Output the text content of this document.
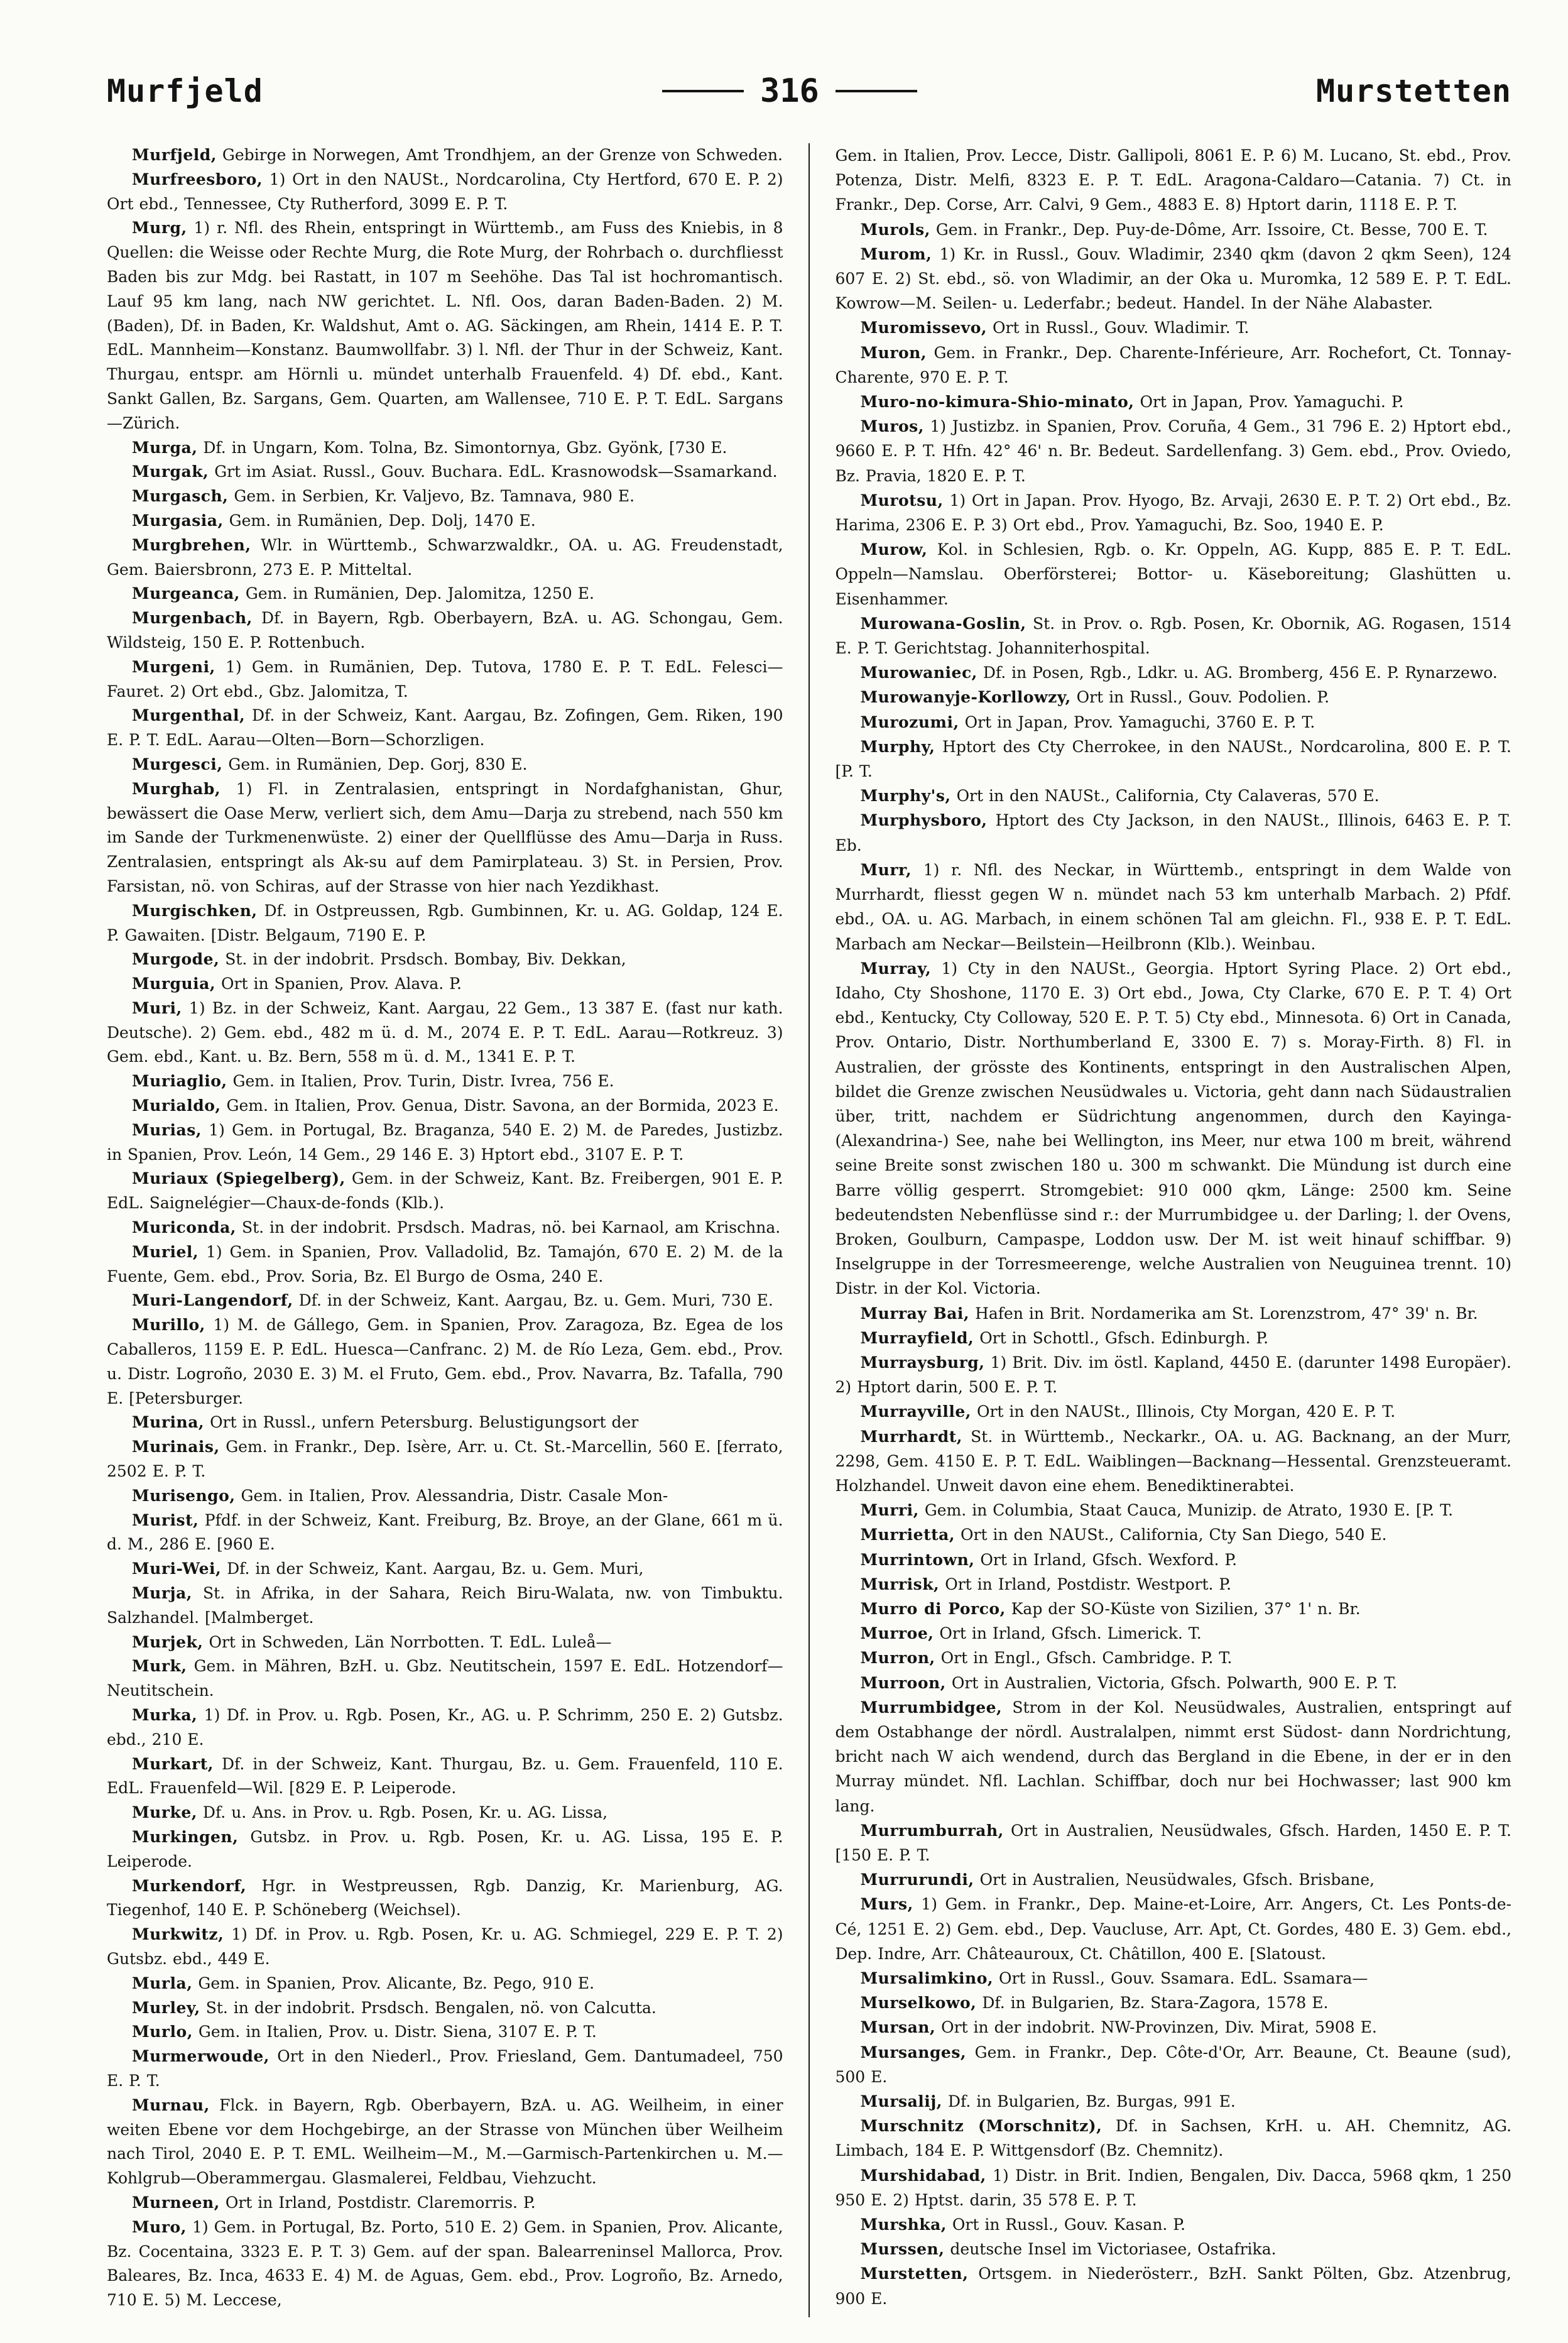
Murfjeld	316	Murstetten

Murfjeld, Gebirge in Norwegen, Amt Trondhjem, an der Grenze von Schweden.

Murfreesboro, 1) Ort in den NAUSt., Nordcarolina, Cty Hertford, 670 E. P. 2) Ort ebd., Tennessee, Cty Rutherford, 3099 E. P. T.

Murg, 1) r. Nfl. des Rhein, entspringt in Württemb., am Fuss des Kniebis, in 8 Quellen: die Weisse oder Rechte Murg, die Rote Murg, der Rohrbach o. durchfliesst Baden bis zur Mdg. bei Rastatt, in 107 m Seehöhe. Das Tal ist hochromantisch. Lauf 95 km lang, nach NW gerichtet. L. Nfl. Oos, daran Baden-Baden. 2) M. (Baden), Df. in Baden, Kr. Waldshut, Amt o. AG. Säckingen, am Rhein, 1414 E. P. T. EdL. Mannheim—Konstanz. Baumwollfabr. 3) l. Nfl. der Thur in der Schweiz, Kant. Thurgau, entspr. am Hörnli u. mündet unterhalb Frauenfeld. 4) Df. ebd., Kant. Sankt Gallen, Bz. Sargans, Gem. Quarten, am Wallensee, 710 E. P. T. EdL. Sargans—Zürich.

Murga, Df. in Ungarn, Kom. Tolna, Bz. Simontornya, Gbz. Gyönk, [730 E.

Murgak, Grt im Asiat. Russl., Gouv. Buchara. EdL. Krasnowodsk—Ssamarkand.

Murgasch, Gem. in Serbien, Kr. Valjevo, Bz. Tamnava, 980 E.

Murgasia, Gem. in Rumänien, Dep. Dolj, 1470 E.

Murgbrehen, Wlr. in Württemb., Schwarzwaldkr., OA. u. AG. Freudenstadt, Gem. Baiersbronn, 273 E. P. Mitteltal.

Murgeanca, Gem. in Rumänien, Dep. Jalomitza, 1250 E.

Murgenbach, Df. in Bayern, Rgb. Oberbayern, BzA. u. AG. Schongau, Gem. Wildsteig, 150 E. P. Rottenbuch.

Murgeni, 1) Gem. in Rumänien, Dep. Tutova, 1780 E. P. T. EdL. Felesci—Fauret. 2) Ort ebd., Gbz. Jalomitza, T.

Murgenthal, Df. in der Schweiz, Kant. Aargau, Bz. Zofingen, Gem. Riken, 190 E. P. T. EdL. Aarau—Olten—Born—Schorzligen.

Murgesci, Gem. in Rumänien, Dep. Gorj, 830 E.

Murghab, 1) Fl. in Zentralasien, entspringt in Nordafghanistan, Ghur, bewässert die Oase Merw, verliert sich, dem Amu—Darja zu strebend, nach 550 km im Sande der Turkmenenwüste. 2) einer der Quellflüsse des Amu—Darja in Russ. Zentralasien, entspringt als Ak-su auf dem Pamirplateau. 3) St. in Persien, Prov. Farsistan, nö. von Schiras, auf der Strasse von hier nach Yezdikhast.

Murgischken, Df. in Ostpreussen, Rgb. Gumbinnen, Kr. u. AG. Goldap, 124 E. P. Gawaiten. [Distr. Belgaum, 7190 E. P.

Murgode, St. in der indobrit. Prsdsch. Bombay, Biv. Dekkan,

Murguia, Ort in Spanien, Prov. Alava. P.

Muri, 1) Bz. in der Schweiz, Kant. Aargau, 22 Gem., 13 387 E. (fast nur kath. Deutsche). 2) Gem. ebd., 482 m ü. d. M., 2074 E. P. T. EdL. Aarau—Rotkreuz. 3) Gem. ebd., Kant. u. Bz. Bern, 558 m ü. d. M., 1341 E. P. T.

Muriaglio, Gem. in Italien, Prov. Turin, Distr. Ivrea, 756 E.

Murialdo, Gem. in Italien, Prov. Genua, Distr. Savona, an der Bormida, 2023 E.

Murias, 1) Gem. in Portugal, Bz. Braganza, 540 E. 2) M. de Paredes, Justizbz. in Spanien, Prov. León, 14 Gem., 29 146 E. 3) Hptort ebd., 3107 E. P. T.

Muriaux (Spiegelberg), Gem. in der Schweiz, Kant. Bz. Freibergen, 901 E. P. EdL. Saignelégier—Chaux-de-fonds (Klb.).

Muriconda, St. in der indobrit. Prsdsch. Madras, nö. bei Karnaol, am Krischna.

Muriel, 1) Gem. in Spanien, Prov. Valladolid, Bz. Tamajón, 670 E. 2) M. de la Fuente, Gem. ebd., Prov. Soria, Bz. El Burgo de Osma, 240 E.

Muri-Langendorf, Df. in der Schweiz, Kant. Aargau, Bz. u. Gem. Muri, 730 E.

Murillo, 1) M. de Gállego, Gem. in Spanien, Prov. Zaragoza, Bz. Egea de los Caballeros, 1159 E. P. EdL. Huesca—Canfranc. 2) M. de Río Leza, Gem. ebd., Prov. u. Distr. Logroño, 2030 E. 3) M. el Fruto, Gem. ebd., Prov. Navarra, Bz. Tafalla, 790 E. [Petersburger.

Murina, Ort in Russl., unfern Petersburg. Belustigungsort der

Murinais, Gem. in Frankr., Dep. Isère, Arr. u. Ct. St.-Marcellin, 560 E. [ferrato, 2502 E. P. T.

Murisengo, Gem. in Italien, Prov. Alessandria, Distr. Casale Mon-

Murist, Pfdf. in der Schweiz, Kant. Freiburg, Bz. Broye, an der Glane, 661 m ü. d. M., 286 E. [960 E.

Muri-Wei, Df. in der Schweiz, Kant. Aargau, Bz. u. Gem. Muri,

Murja, St. in Afrika, in der Sahara, Reich Biru-Walata, nw. von Timbuktu. Salzhandel. [Malmberget.

Murjek, Ort in Schweden, Län Norrbotten. T. EdL. Luleå—

Murk, Gem. in Mähren, BzH. u. Gbz. Neutitschein, 1597 E. EdL. Hotzendorf—Neutitschein.

Murka, 1) Df. in Prov. u. Rgb. Posen, Kr., AG. u. P. Schrimm, 250 E. 2) Gutsbz. ebd., 210 E.

Murkart, Df. in der Schweiz, Kant. Thurgau, Bz. u. Gem. Frauenfeld, 110 E. EdL. Frauenfeld—Wil. [829 E. P. Leiperode.

Murke, Df. u. Ans. in Prov. u. Rgb. Posen, Kr. u. AG. Lissa,

Murkingen, Gutsbz. in Prov. u. Rgb. Posen, Kr. u. AG. Lissa, 195 E. P. Leiperode.

Murkendorf, Hgr. in Westpreussen, Rgb. Danzig, Kr. Marienburg, AG. Tiegenhof, 140 E. P. Schöneberg (Weichsel).

Murkwitz, 1) Df. in Prov. u. Rgb. Posen, Kr. u. AG. Schmiegel, 229 E. P. T. 2) Gutsbz. ebd., 449 E.

Murla, Gem. in Spanien, Prov. Alicante, Bz. Pego, 910 E.

Murley, St. in der indobrit. Prsdsch. Bengalen, nö. von Calcutta.

Murlo, Gem. in Italien, Prov. u. Distr. Siena, 3107 E. P. T.

Murmerwoude, Ort in den Niederl., Prov. Friesland, Gem. Dantumadeel, 750 E. P. T.

Murnau, Flck. in Bayern, Rgb. Oberbayern, BzA. u. AG. Weilheim, in einer weiten Ebene vor dem Hochgebirge, an der Strasse von München über Weilheim nach Tirol, 2040 E. P. T. EML. Weilheim—M., M.—Garmisch-Partenkirchen u. M.—Kohlgrub—Oberammergau. Glasmalerei, Feldbau, Viehzucht.

Murneen, Ort in Irland, Postdistr. Claremorris. P.

Muro, 1) Gem. in Portugal, Bz. Porto, 510 E. 2) Gem. in Spanien, Prov. Alicante, Bz. Cocentaina, 3323 E. P. T. 3) Gem. auf der span. Balearreninsel Mallorca, Prov. Baleares, Bz. Inca, 4633 E. 4) M. de Aguas, Gem. ebd., Prov. Logroño, Bz. Arnedo, 710 E. 5) M. Leccese,

Gem. in Italien, Prov. Lecce, Distr. Gallipoli, 8061 E. P. 6) M. Lucano, St. ebd., Prov. Potenza, Distr. Melfi, 8323 E. P. T. EdL. Aragona-Caldaro—Catania. 7) Ct. in Frankr., Dep. Corse, Arr. Calvi, 9 Gem., 4883 E. 8) Hptort darin, 1118 E. P. T.

Murols, Gem. in Frankr., Dep. Puy-de-Dôme, Arr. Issoire, Ct. Besse, 700 E. T.

Murom, 1) Kr. in Russl., Gouv. Wladimir, 2340 qkm (davon 2 qkm Seen), 124 607 E. 2) St. ebd., sö. von Wladimir, an der Oka u. Muromka, 12 589 E. P. T. EdL. Kowrow—M. Seilen- u. Lederfabr.; bedeut. Handel. In der Nähe Alabaster.

Muromissevo, Ort in Russl., Gouv. Wladimir. T.

Muron, Gem. in Frankr., Dep. Charente-Inférieure, Arr. Rochefort, Ct. Tonnay-Charente, 970 E. P. T.

Muro-no-kimura-Shio-minato, Ort in Japan, Prov. Yamaguchi. P.

Muros, 1) Justizbz. in Spanien, Prov. Coruña, 4 Gem., 31 796 E. 2) Hptort ebd., 9660 E. P. T. Hfn. 42° 46' n. Br. Bedeut. Sardellenfang. 3) Gem. ebd., Prov. Oviedo, Bz. Pravia, 1820 E. P. T.

Murotsu, 1) Ort in Japan. Prov. Hyogo, Bz. Arvaji, 2630 E. P. T. 2) Ort ebd., Bz. Harima, 2306 E. P. 3) Ort ebd., Prov. Yamaguchi, Bz. Soo, 1940 E. P.

Murow, Kol. in Schlesien, Rgb. o. Kr. Oppeln, AG. Kupp, 885 E. P. T. EdL. Oppeln—Namslau. Oberförsterei; Bottor- u. Käseboreitung; Glashütten u. Eisenhammer.

Murowana-Goslin, St. in Prov. o. Rgb. Posen, Kr. Obornik, AG. Rogasen, 1514 E. P. T. Gerichtstag. Johanniterhospital.

Murowaniec, Df. in Posen, Rgb., Ldkr. u. AG. Bromberg, 456 E. P. Rynarzewo.

Murowanyje-Korllowzy, Ort in Russl., Gouv. Podolien. P.

Murozumi, Ort in Japan, Prov. Yamaguchi, 3760 E. P. T.

Murphy, Hptort des Cty Cherrokee, in den NAUSt., Nordcarolina, 800 E. P. T. [P. T.

Murphy's, Ort in den NAUSt., California, Cty Calaveras, 570 E.

Murphysboro, Hptort des Cty Jackson, in den NAUSt., Illinois, 6463 E. P. T. Eb.

Murr, 1) r. Nfl. des Neckar, in Württemb., entspringt in dem Walde von Murrhardt, fliesst gegen W n. mündet nach 53 km unterhalb Marbach. 2) Pfdf. ebd., OA. u. AG. Marbach, in einem schönen Tal am gleichn. Fl., 938 E. P. T. EdL. Marbach am Neckar—Beilstein—Heilbronn (Klb.). Weinbau.

Murray, 1) Cty in den NAUSt., Georgia. Hptort Syring Place. 2) Ort ebd., Idaho, Cty Shoshone, 1170 E. 3) Ort ebd., Jowa, Cty Clarke, 670 E. P. T. 4) Ort ebd., Kentucky, Cty Colloway, 520 E. P. T. 5) Cty ebd., Minnesota. 6) Ort in Canada, Prov. Ontario, Distr. Northumberland E, 3300 E. 7) s. Moray-Firth. 8) Fl. in Australien, der grösste des Kontinents, entspringt in den Australischen Alpen, bildet die Grenze zwischen Neusüdwales u. Victoria, geht dann nach Südaustralien über, tritt, nachdem er Südrichtung angenommen, durch den Kayinga- (Alexandrina-) See, nahe bei Wellington, ins Meer, nur etwa 100 m breit, während seine Breite sonst zwischen 180 u. 300 m schwankt. Die Mündung ist durch eine Barre völlig gesperrt. Stromgebiet: 910 000 qkm, Länge: 2500 km. Seine bedeutendsten Nebenflüsse sind r.: der Murrumbidgee u. der Darling; l. der Ovens, Broken, Goulburn, Campaspe, Loddon usw. Der M. ist weit hinauf schiffbar. 9) Inselgruppe in der Torresmeerenge, welche Australien von Neuguinea trennt. 10) Distr. in der Kol. Victoria.

Murray Bai, Hafen in Brit. Nordamerika am St. Lorenzstrom, 47° 39' n. Br.

Murrayfield, Ort in Schottl., Gfsch. Edinburgh. P.

Murraysburg, 1) Brit. Div. im östl. Kapland, 4450 E. (darunter 1498 Europäer). 2) Hptort darin, 500 E. P. T.

Murrayville, Ort in den NAUSt., Illinois, Cty Morgan, 420 E. P. T.

Murrhardt, St. in Württemb., Neckarkr., OA. u. AG. Backnang, an der Murr, 2298, Gem. 4150 E. P. T. EdL. Waiblingen—Backnang—Hessental. Grenzsteueramt. Holzhandel. Unweit davon eine ehem. Benediktinerabtei.

Murri, Gem. in Columbia, Staat Cauca, Munizip. de Atrato, 1930 E. [P. T.

Murrietta, Ort in den NAUSt., California, Cty San Diego, 540 E.

Murrintown, Ort in Irland, Gfsch. Wexford. P.

Murrisk, Ort in Irland, Postdistr. Westport. P.

Murro di Porco, Kap der SO-Küste von Sizilien, 37° 1' n. Br.

Murroe, Ort in Irland, Gfsch. Limerick. T.

Murron, Ort in Engl., Gfsch. Cambridge. P. T.

Murroon, Ort in Australien, Victoria, Gfsch. Polwarth, 900 E. P. T.

Murrumbidgee, Strom in der Kol. Neusüdwales, Australien, entspringt auf dem Ostabhange der nördl. Australalpen, nimmt erst Südost- dann Nordrichtung, bricht nach W aich wendend, durch das Bergland in die Ebene, in der er in den Murray mündet. Nfl. Lachlan. Schiffbar, doch nur bei Hochwasser; last 900 km lang.

Murrumburrah, Ort in Australien, Neusüdwales, Gfsch. Harden, 1450 E. P. T. [150 E. P. T.

Murrurundi, Ort in Australien, Neusüdwales, Gfsch. Brisbane,

Murs, 1) Gem. in Frankr., Dep. Maine-et-Loire, Arr. Angers, Ct. Les Ponts-de-Cé, 1251 E. 2) Gem. ebd., Dep. Vaucluse, Arr. Apt, Ct. Gordes, 480 E. 3) Gem. ebd., Dep. Indre, Arr. Châteauroux, Ct. Châtillon, 400 E. [Slatoust.

Mursalimkino, Ort in Russl., Gouv. Ssamara. EdL. Ssamara—

Murselkowo, Df. in Bulgarien, Bz. Stara-Zagora, 1578 E.

Mursan, Ort in der indobrit. NW-Provinzen, Div. Mirat, 5908 E.

Mursanges, Gem. in Frankr., Dep. Côte-d'Or, Arr. Beaune, Ct. Beaune (sud), 500 E.

Mursalij, Df. in Bulgarien, Bz. Burgas, 991 E.

Murschnitz (Morschnitz), Df. in Sachsen, KrH. u. AH. Chemnitz, AG. Limbach, 184 E. P. Wittgensdorf (Bz. Chemnitz).

Murshidabad, 1) Distr. in Brit. Indien, Bengalen, Div. Dacca, 5968 qkm, 1 250 950 E. 2) Hptst. darin, 35 578 E. P. T.

Murshka, Ort in Russl., Gouv. Kasan. P.

Murssen, deutsche Insel im Victoriasee, Ostafrika.

Murstetten, Ortsgem. in Niederösterr., BzH. Sankt Pölten, Gbz. Atzenbrug, 900 E.
